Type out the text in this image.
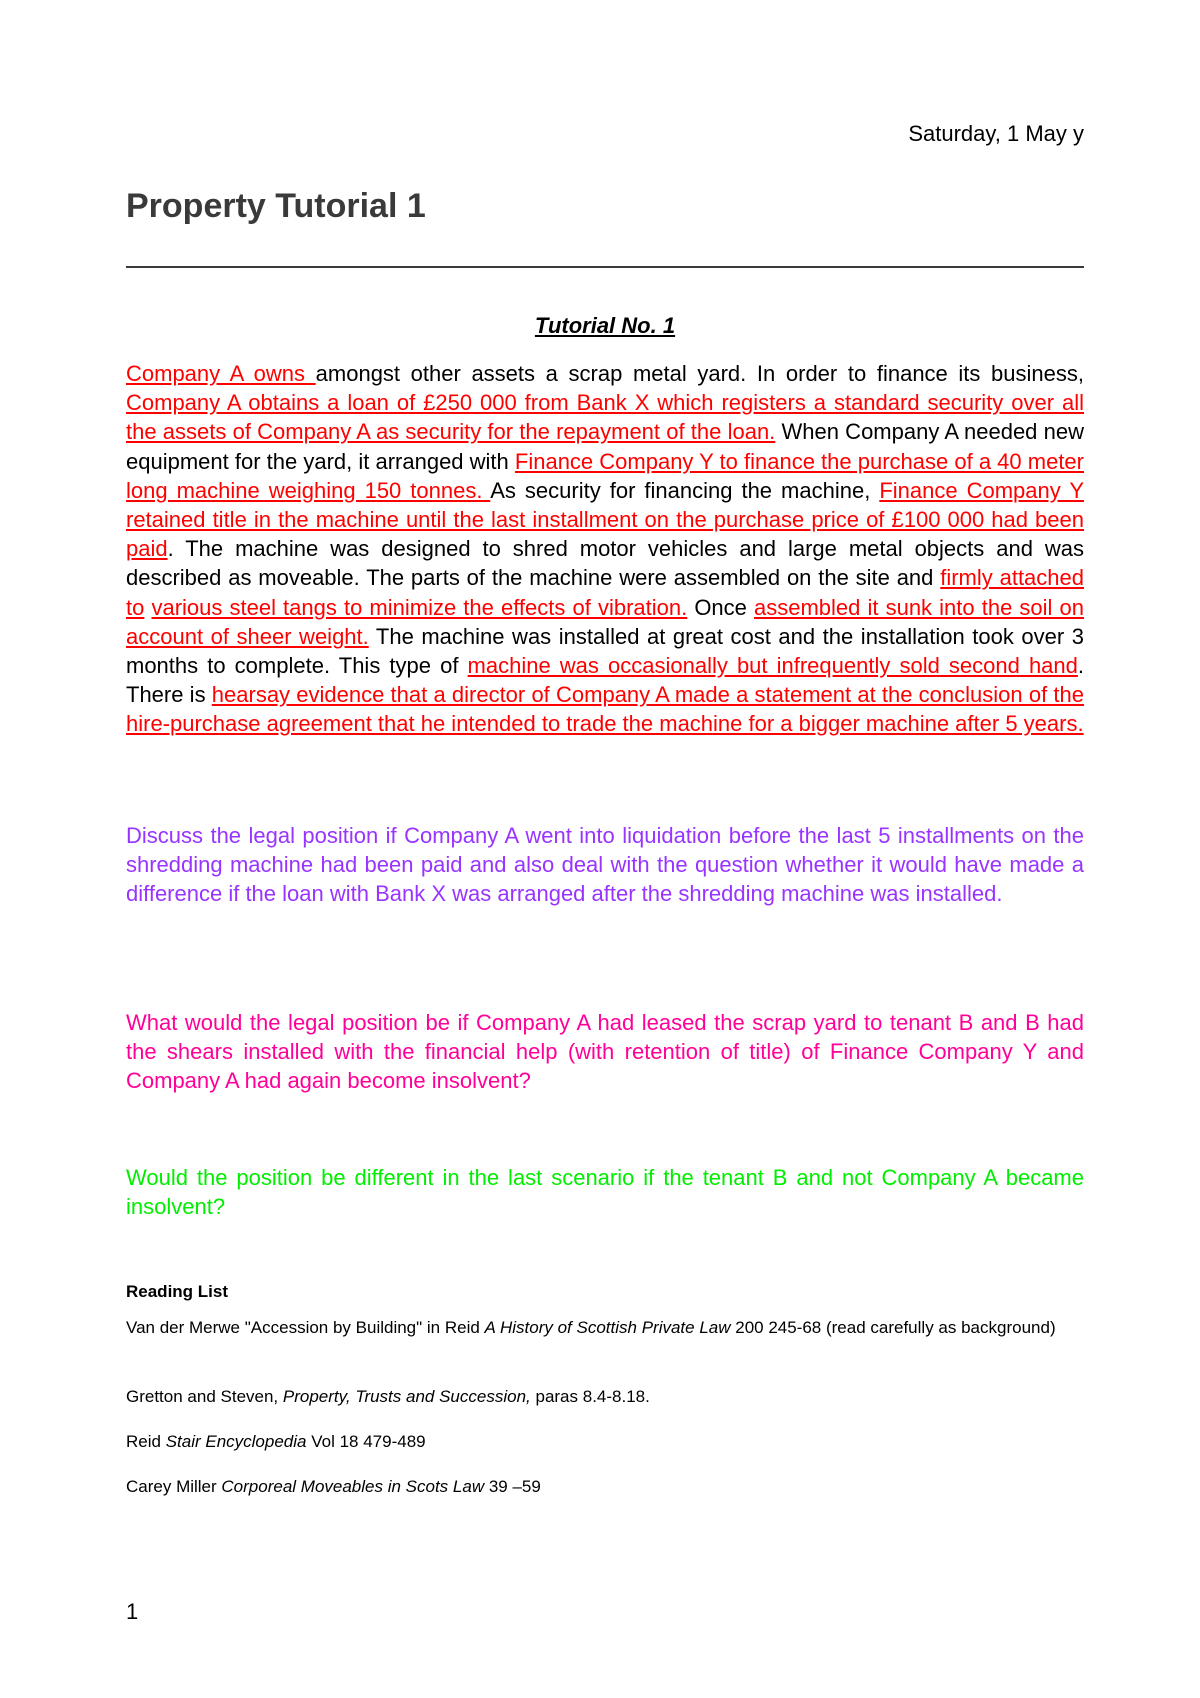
Saturday, 1 May y
Property Tutorial 1
Tutorial No. 1

Company A owns amongst other assets a scrap metal yard. In order to finance its business, Company A obtains a loan of £250 000 from Bank X which registers a standard security over all the assets of Company A as security for the repayment of the loan. When Company A needed new equipment for the yard, it arranged with Finance Company Y to finance the purchase of a 40 meter long machine weighing 150 tonnes. As security for financing the machine, Finance Company Y retained title in the machine until the last installment on the purchase price of £100 000 had been paid. The machine was designed to shred motor vehicles and large metal objects and was described as moveable. The parts of the machine were assembled on the site and firmly attached to various steel tangs to minimize the effects of vibration. Once assembled it sunk into the soil on account of sheer weight. The machine was installed at great cost and the installation took over 3 months to complete. This type of machine was occasionally but infrequently sold second hand. There is hearsay evidence that a director of Company A made a statement at the conclusion of the hire-purchase agreement that he intended to trade the machine for a bigger machine after 5 years.

Discuss the legal position if Company A went into liquidation before the last 5 installments on the shredding machine had been paid and also deal with the question whether it would have made a difference if the loan with Bank X was arranged after the shredding machine was installed.

What would the legal position be if Company A had leased the scrap yard to tenant B and B had the shears installed with the financial help (with retention of title) of Finance Company Y and Company A had again become insolvent?

Would the position be different in the last scenario if the tenant B and not Company A became insolvent?

Reading List

Van der Merwe "Accession by Building" in Reid A History of Scottish Private Law 200 245-68 (read carefully as background)

Gretton and Steven, Property, Trusts and Succession, paras 8.4-8.18.

Reid Stair Encyclopedia Vol 18 479-489

Carey Miller Corporeal Moveables in Scots Law 39 –59

1
